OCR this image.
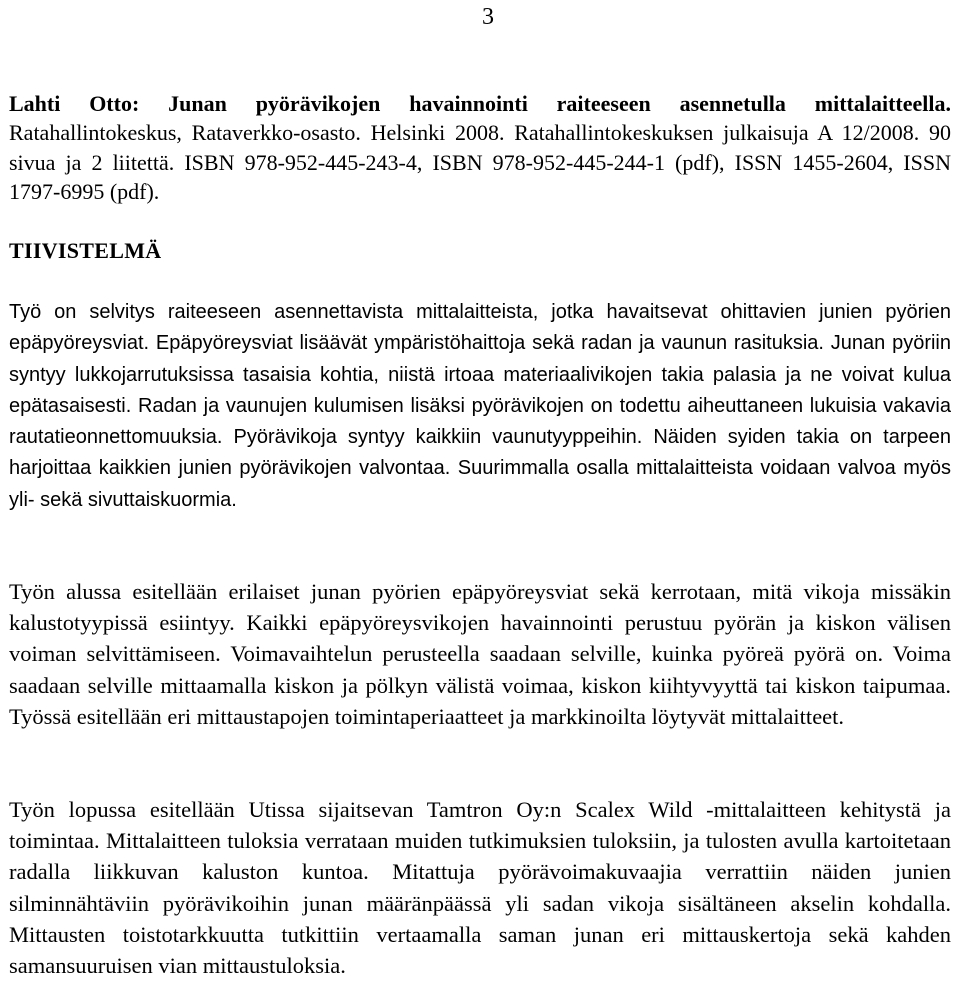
3
Lahti Otto: Junan pyörävikojen havainnointi raiteeseen asennetulla mittalaitteella. Ratahallintokeskus, Rataverkko-osasto. Helsinki 2008. Ratahallintokeskuksen julkaisuja A 12/2008. 90 sivua ja 2 liitettä. ISBN 978-952-445-243-4, ISBN 978-952-445-244-1 (pdf), ISSN 1455-2604, ISSN 1797-6995 (pdf).
TIIVISTELMÄ

Työ on selvitys raiteeseen asennettavista mittalaitteista, jotka havaitsevat ohittavien junien pyörien epäpyöreysviat. Epäpyöreysviat lisäävät ympäristöhaittoja sekä radan ja vaunun rasituksia. Junan pyöriin syntyy lukkojarrutuksissa tasaisia kohtia, niistä irtoaa materiaalivikojen takia palasia ja ne voivat kulua epätasaisesti. Radan ja vaunujen kulumisen lisäksi pyörävikojen on todettu aiheuttaneen lukuisia vakavia rautatieonnettomuuksia. Pyörävikoja syntyy kaikkiin vaunutyyppeihin. Näiden syiden takia on tarpeen harjoittaa kaikkien junien pyörävikojen valvontaa. Suurimmalla osalla mittalaitteista voidaan valvoa myös yli- sekä sivuttaiskuormia.

Työn alussa esitellään erilaiset junan pyörien epäpyöreysviat sekä kerrotaan, mitä vikoja missäkin kalustotyypissä esiintyy. Kaikki epäpyöreysvikojen havainnointi perustuu pyörän ja kiskon välisen voiman selvittämiseen. Voimavaihtelun perusteella saadaan selville, kuinka pyöreä pyörä on. Voima saadaan selville mittaamalla kiskon ja pölkyn välistä voimaa, kiskon kiihtyvyyttä tai kiskon taipumaa. Työssä esitellään eri mittaustapojen toimintaperiaatteet ja markkinoilta löytyvät mittalaitteet.

Työn lopussa esitellään Utissa sijaitsevan Tamtron Oy:n Scalex Wild -mittalaitteen kehitystä ja toimintaa. Mittalaitteen tuloksia verrataan muiden tutkimuksien tuloksiin, ja tulosten avulla kartoitetaan radalla liikkuvan kaluston kuntoa. Mitattuja pyörävoimakuvaajia verrattiin näiden junien silminnähtäviin pyörävikoihin junan määränpäässä yli sadan vikoja sisältäneen akselin kohdalla. Mittausten toistotarkkuutta tutkittiin vertaamalla saman junan eri mittauskertoja sekä kahden samansuuruisen vian mittaustuloksia.
